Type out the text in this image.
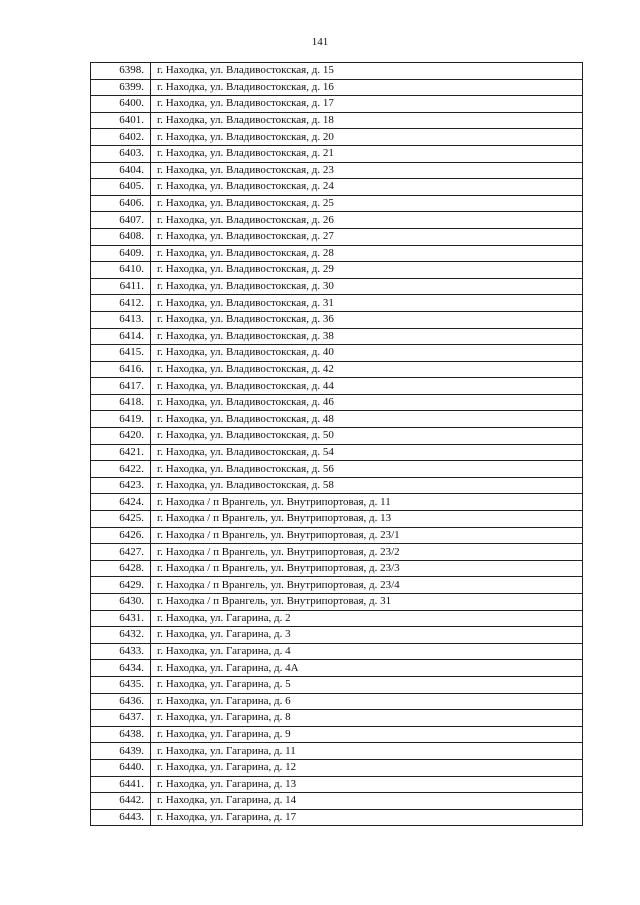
141
6398.	г. Находка, ул. Владивостокская, д. 15
6399.	г. Находка, ул. Владивостокская, д. 16
6400.	г. Находка, ул. Владивостокская, д. 17
6401.	г. Находка, ул. Владивостокская, д. 18
6402.	г. Находка, ул. Владивостокская, д. 20
6403.	г. Находка, ул. Владивостокская, д. 21
6404.	г. Находка, ул. Владивостокская, д. 23
6405.	г. Находка, ул. Владивостокская, д. 24
6406.	г. Находка, ул. Владивостокская, д. 25
6407.	г. Находка, ул. Владивостокская, д. 26
6408.	г. Находка, ул. Владивостокская, д. 27
6409.	г. Находка, ул. Владивостокская, д. 28
6410.	г. Находка, ул. Владивостокская, д. 29
6411.	г. Находка, ул. Владивостокская, д. 30
6412.	г. Находка, ул. Владивостокская, д. 31
6413.	г. Находка, ул. Владивостокская, д. 36
6414.	г. Находка, ул. Владивостокская, д. 38
6415.	г. Находка, ул. Владивостокская, д. 40
6416.	г. Находка, ул. Владивостокская, д. 42
6417.	г. Находка, ул. Владивостокская, д. 44
6418.	г. Находка, ул. Владивостокская, д. 46
6419.	г. Находка, ул. Владивостокская, д. 48
6420.	г. Находка, ул. Владивостокская, д. 50
6421.	г. Находка, ул. Владивостокская, д. 54
6422.	г. Находка, ул. Владивостокская, д. 56
6423.	г. Находка, ул. Владивостокская, д. 58
6424.	г. Находка / п Врангель, ул. Внутрипортовая, д. 11
6425.	г. Находка / п Врангель, ул. Внутрипортовая, д. 13
6426.	г. Находка / п Врангель, ул. Внутрипортовая, д. 23/1
6427.	г. Находка / п Врангель, ул. Внутрипортовая, д. 23/2
6428.	г. Находка / п Врангель, ул. Внутрипортовая, д. 23/3
6429.	г. Находка / п Врангель, ул. Внутрипортовая, д. 23/4
6430.	г. Находка / п Врангель, ул. Внутрипортовая, д. 31
6431.	г. Находка, ул. Гагарина, д. 2
6432.	г. Находка, ул. Гагарина, д. 3
6433.	г. Находка, ул. Гагарина, д. 4
6434.	г. Находка, ул. Гагарина, д. 4А
6435.	г. Находка, ул. Гагарина, д. 5
6436.	г. Находка, ул. Гагарина, д. 6
6437.	г. Находка, ул. Гагарина, д. 8
6438.	г. Находка, ул. Гагарина, д. 9
6439.	г. Находка, ул. Гагарина, д. 11
6440.	г. Находка, ул. Гагарина, д. 12
6441.	г. Находка, ул. Гагарина, д. 13
6442.	г. Находка, ул. Гагарина, д. 14
6443.	г. Находка, ул. Гагарина, д. 17
